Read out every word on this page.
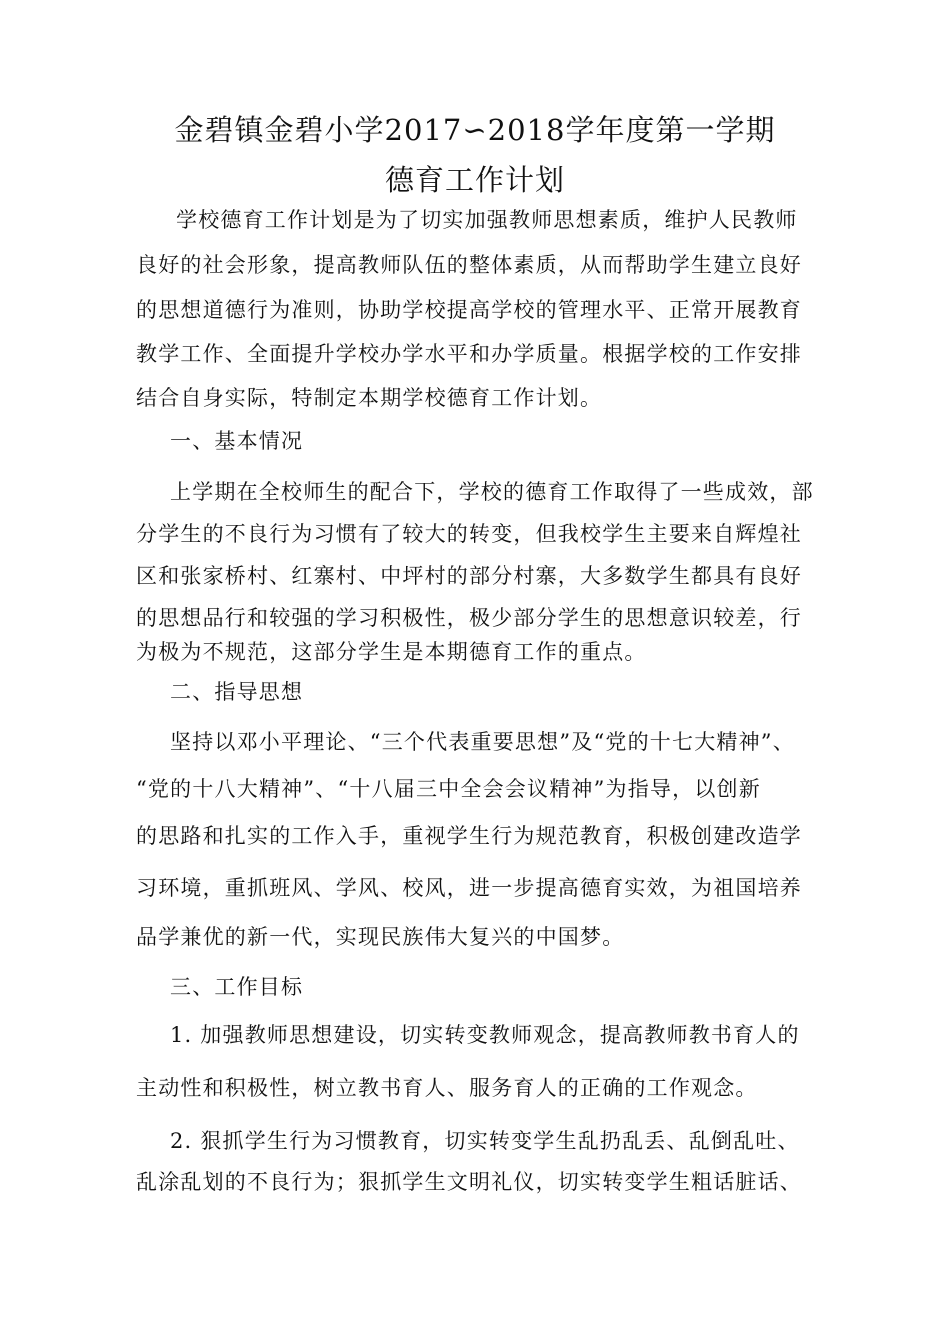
金碧镇金碧小学2017∽2018学年度第一学期
德育工作计划
学校德育工作计划是为了切实加强教师思想素质，维护人民教师
良好的社会形象，提高教师队伍的整体素质，从而帮助学生建立良好
的思想道德行为准则，协助学校提高学校的管理水平、正常开展教育
教学工作、全面提升学校办学水平和办学质量。根据学校的工作安排
结合自身实际，特制定本期学校德育工作计划。
一、基本情况
上学期在全校师生的配合下，学校的德育工作取得了一些成效，部
分学生的不良行为习惯有了较大的转变，但我校学生主要来自辉煌社
区和张家桥村、红寨村、中坪村的部分村寨，大多数学生都具有良好
的思想品行和较强的学习积极性，极少部分学生的思想意识较差，行
为极为不规范，这部分学生是本期德育工作的重点。
二、指导思想
坚持以邓小平理论、“三个代表重要思想”及“党的十七大精神”、
“党的十八大精神”、“十八届三中全会会议精神”为指导，以创新
的思路和扎实的工作入手，重视学生行为规范教育，积极创建改造学
习环境，重抓班风、学风、校风，进一步提高德育实效，为祖国培养
品学兼优的新一代，实现民族伟大复兴的中国梦。
三、工作目标
1. 加强教师思想建设，切实转变教师观念，提高教师教书育人的
主动性和积极性，树立教书育人、服务育人的正确的工作观念。
2. 狠抓学生行为习惯教育，切实转变学生乱扔乱丢、乱倒乱吐、
乱涂乱划的不良行为；狠抓学生文明礼仪，切实转变学生粗话脏话、
